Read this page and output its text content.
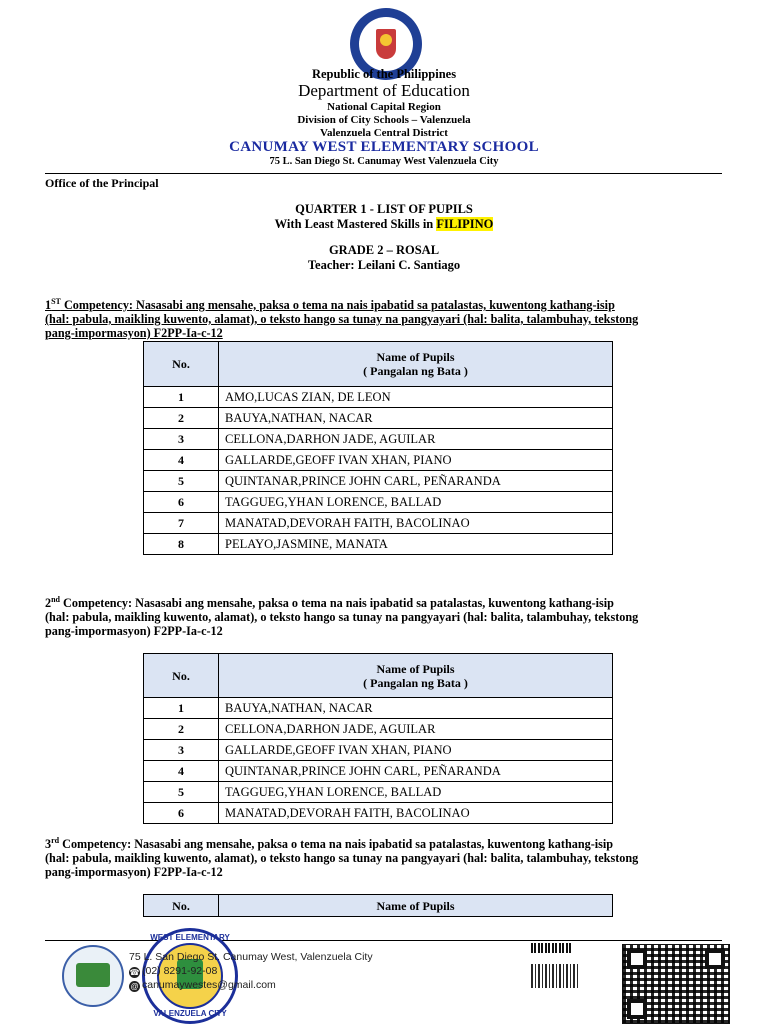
Republic of the Philippines
Department of Education
National Capital Region
Division of City Schools – Valenzuela
Valenzuela Central District
CANUMAY WEST ELEMENTARY SCHOOL
75 L. San Diego St. Canumay West Valenzuela City
Office of the Principal
QUARTER 1 - LIST OF PUPILS
With Least Mastered Skills in FILIPINO
GRADE 2 – ROSAL
Teacher: Leilani C. Santiago
1ST Competency: Nasasabi ang mensahe, paksa o tema na nais ipabatid sa patalastas, kuwentong kathang-isip
(hal: pabula, maikling kuwento, alamat), o teksto hango sa tunay na pangyayari (hal: balita, talambuhay, tekstong
pang-impormasyon) F2PP-Ia-c-12
No.	Name of Pupils
( Pangalan ng Bata )

1	AMO,LUCAS ZIAN, DE LEON
2	BAUYA,NATHAN, NACAR
3	CELLONA,DARHON JADE, AGUILAR
4	GALLARDE,GEOFF IVAN XHAN, PIANO
5	QUINTANAR,PRINCE JOHN CARL, PEÑARANDA
6	TAGGUEG,YHAN LORENCE, BALLAD
7	MANATAD,DEVORAH FAITH, BACOLINAO
8	PELAYO,JASMINE, MANATA
2nd Competency: Nasasabi ang mensahe, paksa o tema na nais ipabatid sa patalastas, kuwentong kathang-isip
(hal: pabula, maikling kuwento, alamat), o teksto hango sa tunay na pangyayari (hal: balita, talambuhay, tekstong
pang-impormasyon) F2PP-Ia-c-12
No.	Name of Pupils
( Pangalan ng Bata )

1	BAUYA,NATHAN, NACAR
2	CELLONA,DARHON JADE, AGUILAR
3	GALLARDE,GEOFF IVAN XHAN, PIANO
4	QUINTANAR,PRINCE JOHN CARL, PEÑARANDA
5	TAGGUEG,YHAN LORENCE, BALLAD
6	MANATAD,DEVORAH FAITH, BACOLINAO
3rd Competency: Nasasabi ang mensahe, paksa o tema na nais ipabatid sa patalastas, kuwentong kathang-isip
(hal: pabula, maikling kuwento, alamat), o teksto hango sa tunay na pangyayari (hal: balita, talambuhay, tekstong
pang-impormasyon) F2PP-Ia-c-12
No.	Name of Pupils
WEST ELEMENTARY
VALENZUELA CITY
75 L. San Diego St. Canumay West, Valenzuela City
☎ (02) 8291-92-08
@ canumaywestes@gmail.com
